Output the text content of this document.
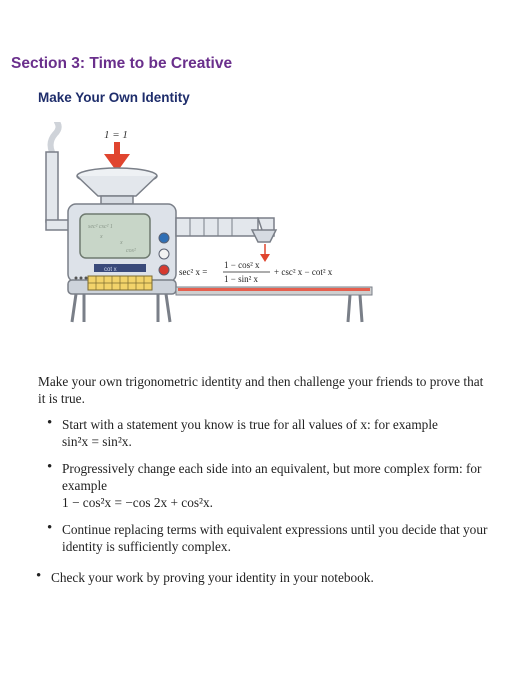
Section 3: Time to be Creative
Make Your Own Identity
1 = 1
sec² csc² 1
x
x
cos²
cot x	sec² x =
1 − cos² x
1 − sin² x
+ csc² x − cot² x

Make your own trigonometric identity and then challenge your friends to prove that it is true.

• Start with a statement you know is true for all values of x: for example
sin²x = sin²x.
• Progressively change each side into an equivalent, but more complex form: for example
1 − cos²x = −cos 2x + cos²x.
• Continue replacing terms with equivalent expressions until you decide that your identity is sufficiently complex.
• Check your work by proving your identity in your notebook.
